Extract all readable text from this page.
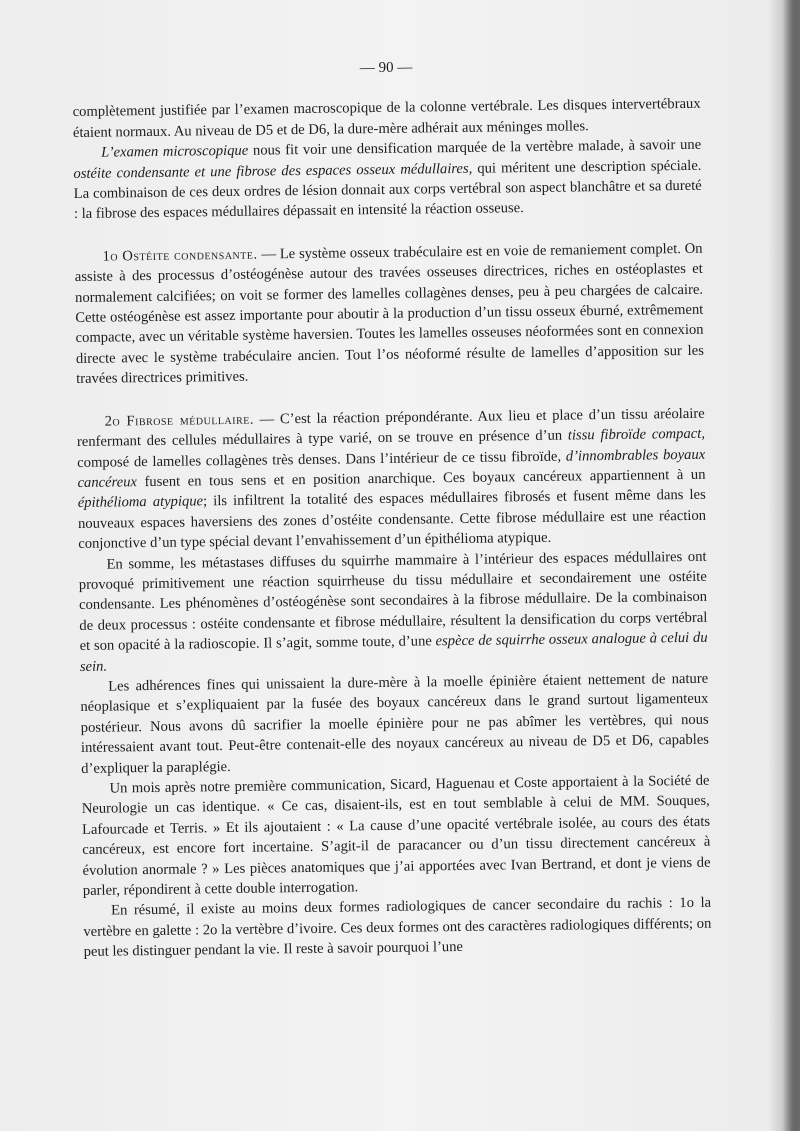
— 90 —

complètement justifiée par l’examen macroscopique de la colonne vertébrale. Les disques intervertébraux étaient normaux. Au niveau de D5 et de D6, la dure-mère adhérait aux méninges molles.

L’examen microscopique nous fit voir une densification marquée de la vertèbre malade, à savoir une ostéite condensante et une fibrose des espaces osseux médullaires, qui méritent une description spéciale. La combinaison de ces deux ordres de lésion donnait aux corps vertébral son aspect blanchâtre et sa dureté : la fibrose des espaces médullaires dépassait en intensité la réaction osseuse.

1o Ostéite condensante. — Le système osseux trabéculaire est en voie de remaniement complet. On assiste à des processus d’ostéogénèse autour des travées osseuses directrices, riches en ostéoplastes et normalement calcifiées; on voit se former des lamelles collagènes denses, peu à peu chargées de calcaire. Cette ostéogénèse est assez importante pour aboutir à la production d’un tissu osseux éburné, extrêmement compacte, avec un véritable système haversien. Toutes les lamelles osseuses néoformées sont en connexion directe avec le système trabéculaire ancien. Tout l’os néoformé résulte de lamelles d’apposition sur les travées directrices primitives.

2o Fibrose médullaire. — C’est la réaction prépondérante. Aux lieu et place d’un tissu aréolaire renfermant des cellules médullaires à type varié, on se trouve en présence d’un tissu fibroïde compact, composé de lamelles collagènes très denses. Dans l’intérieur de ce tissu fibroïde, d’innombrables boyaux cancéreux fusent en tous sens et en position anarchique. Ces boyaux cancéreux appartiennent à un épithélioma atypique; ils infiltrent la totalité des espaces médullaires fibrosés et fusent même dans les nouveaux espaces haversiens des zones d’ostéite condensante. Cette fibrose médullaire est une réaction conjonctive d’un type spécial devant l’envahissement d’un épithélioma atypique.

En somme, les métastases diffuses du squirrhe mammaire à l’intérieur des espaces médullaires ont provoqué primitivement une réaction squirrheuse du tissu médullaire et secondairement une ostéite condensante. Les phénomènes d’ostéogénèse sont secondaires à la fibrose médullaire. De la combinaison de deux processus : ostéite condensante et fibrose médullaire, résultent la densification du corps vertébral et son opacité à la radioscopie. Il s’agit, somme toute, d’une espèce de squirrhe osseux analogue à celui du sein.

Les adhérences fines qui unissaient la dure-mère à la moelle épinière étaient nettement de nature néoplasique et s’expliquaient par la fusée des boyaux cancéreux dans le grand surtout ligamenteux postérieur. Nous avons dû sacrifier la moelle épinière pour ne pas abîmer les vertèbres, qui nous intéressaient avant tout. Peut-être contenait-elle des noyaux cancéreux au niveau de D5 et D6, capables d’expliquer la paraplégie.

Un mois après notre première communication, Sicard, Haguenau et Coste apportaient à la Société de Neurologie un cas identique. « Ce cas, disaient-ils, est en tout semblable à celui de MM. Souques, Lafourcade et Terris. » Et ils ajoutaient : « La cause d’une opacité vertébrale isolée, au cours des états cancéreux, est encore fort incertaine. S’agit-il de paracancer ou d’un tissu directement cancéreux à évolution anormale ? » Les pièces anatomiques que j’ai apportées avec Ivan Bertrand, et dont je viens de parler, répondirent à cette double interrogation.

En résumé, il existe au moins deux formes radiologiques de cancer secondaire du rachis : 1o la vertèbre en galette : 2o la vertèbre d’ivoire. Ces deux formes ont des caractères radiologiques différents; on peut les distinguer pendant la vie. Il reste à savoir pourquoi l’une
